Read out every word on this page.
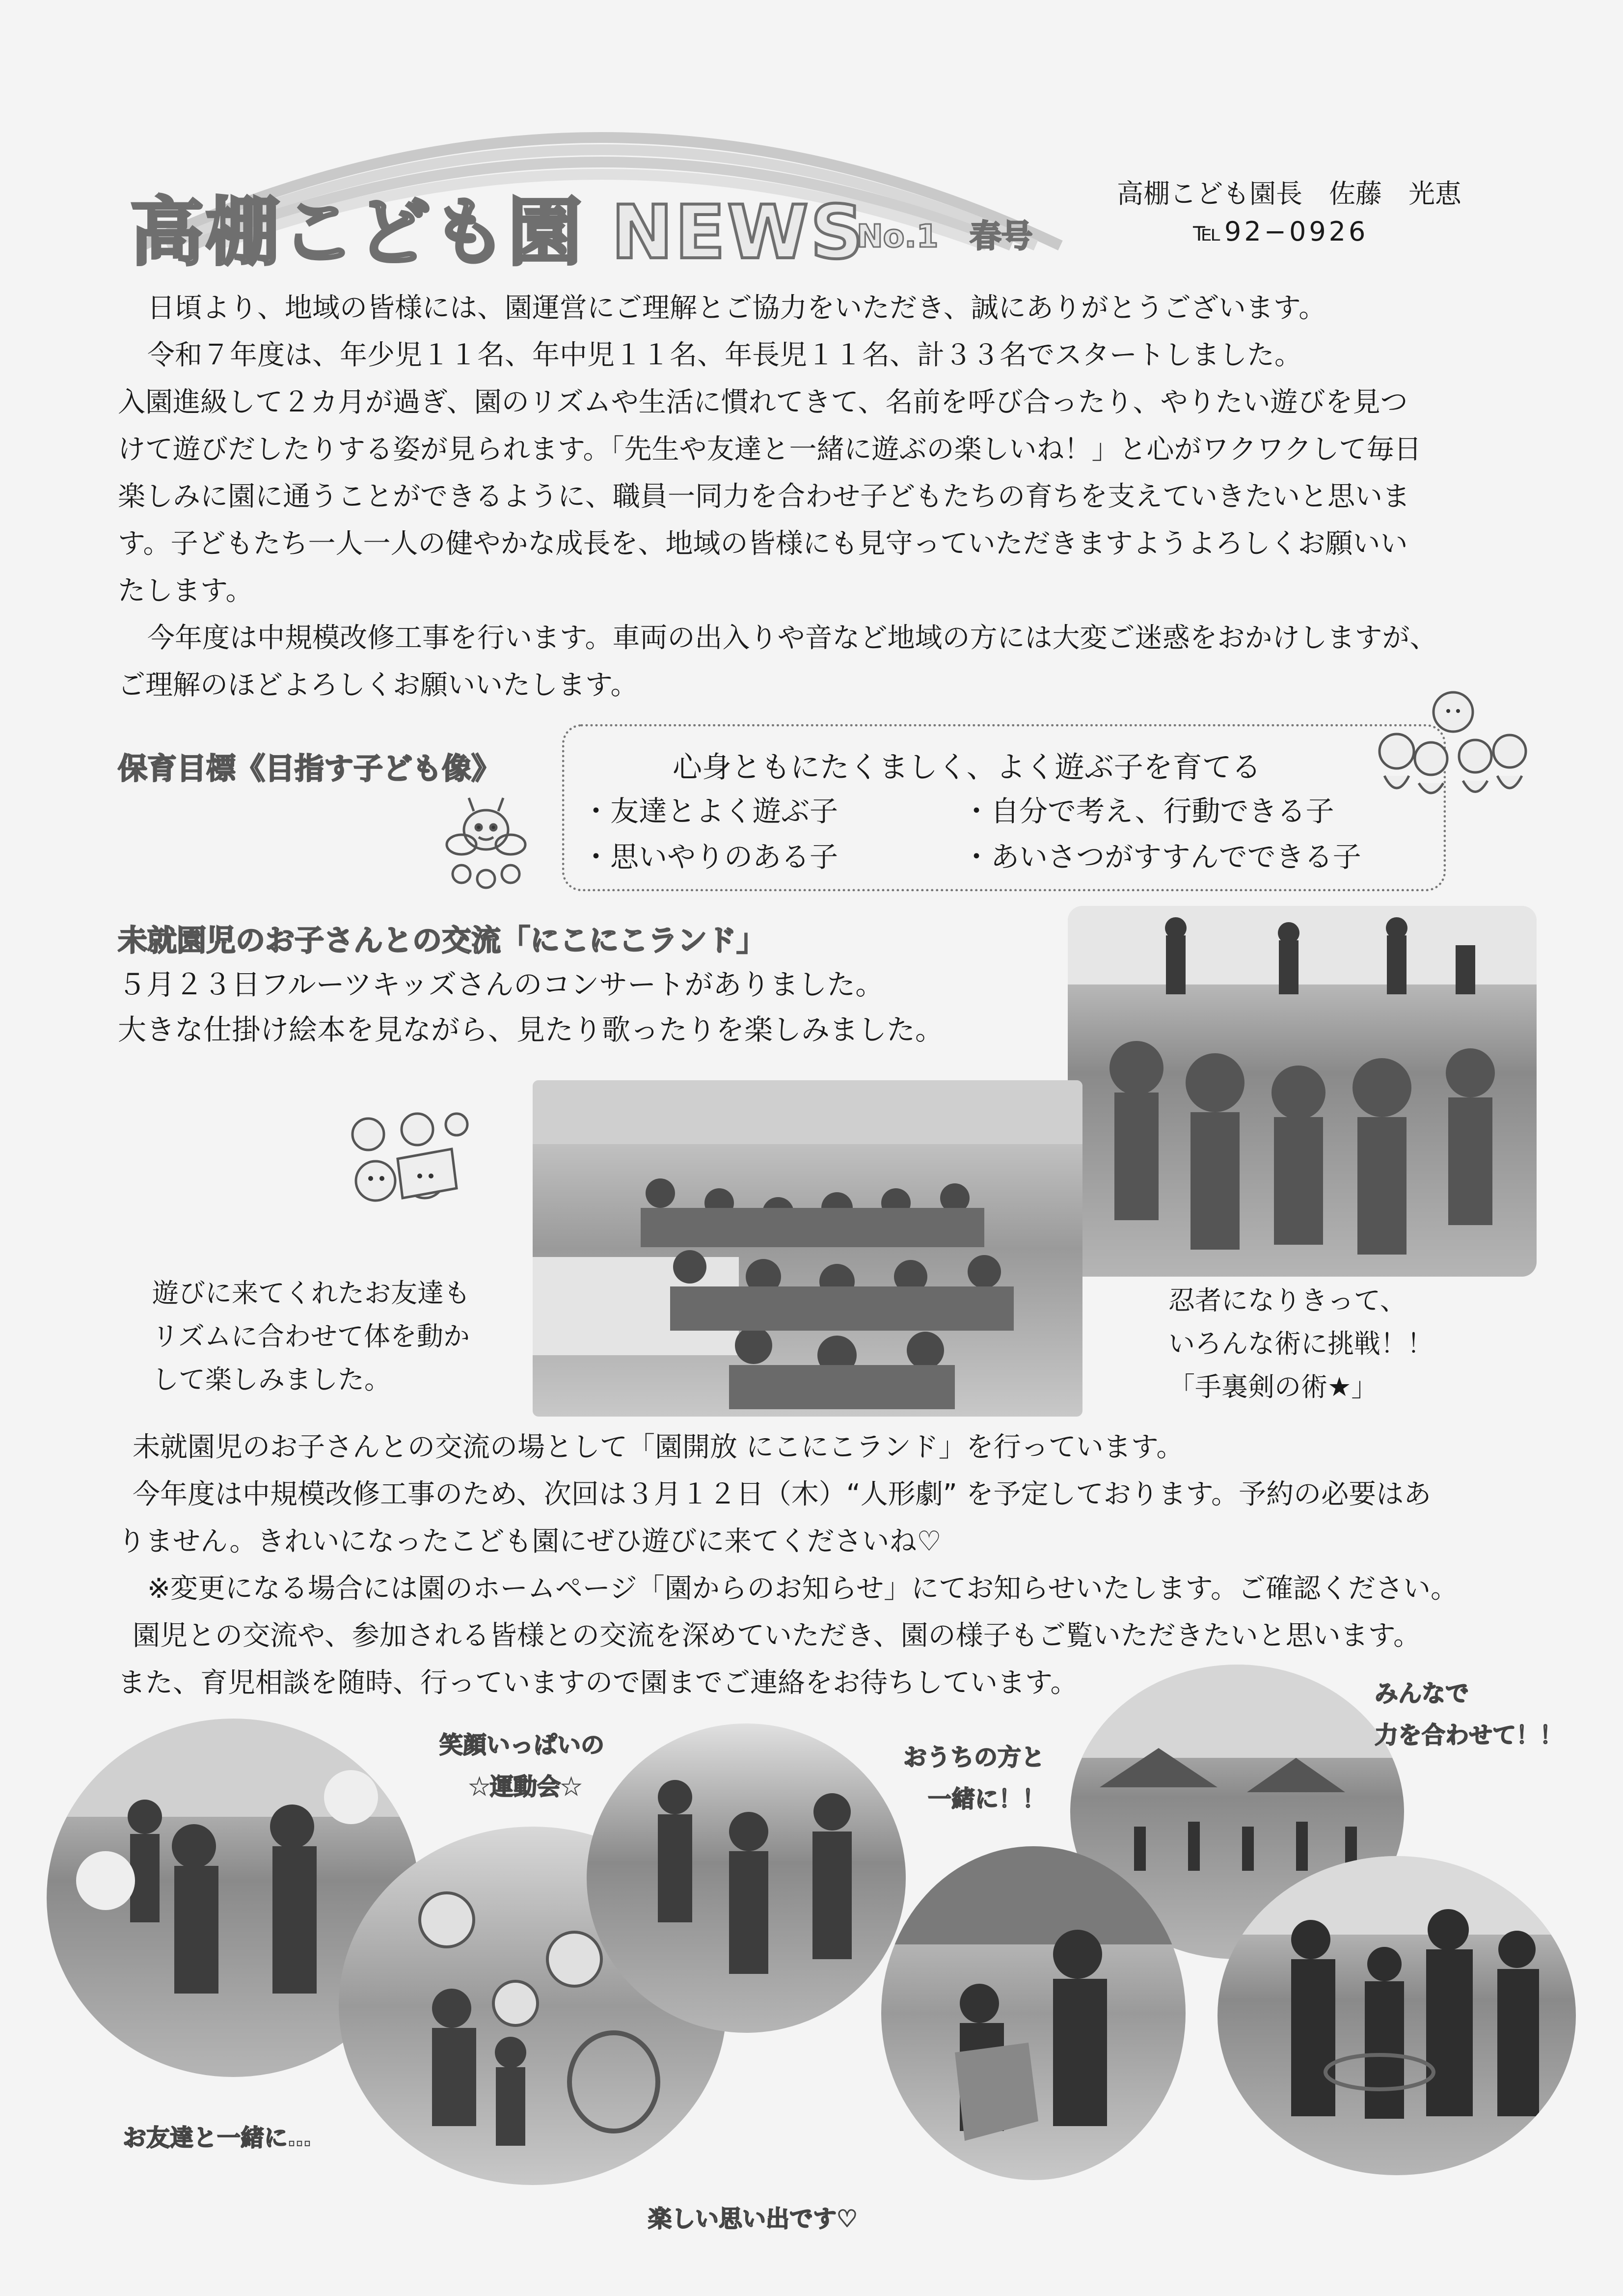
高棚こども園 NEWS
No.1　春号
高棚こども園長　佐藤　光恵
℡92−0926
日頃より、地域の皆様には、園運営にご理解とご協力をいただき、誠にありがとうございます。
令和７年度は、年少児１１名、年中児１１名、年長児１１名、計３３名でスタートしました。
入園進級して２カ月が過ぎ、園のリズムや生活に慣れてきて、名前を呼び合ったり、やりたい遊びを見つ
けて遊びだしたりする姿が見られます。「先生や友達と一緒に遊ぶの楽しいね！」と心がワクワクして毎日
楽しみに園に通うことができるように、職員一同力を合わせ子どもたちの育ちを支えていきたいと思いま
す。子どもたち一人一人の健やかな成長を、地域の皆様にも見守っていただきますようよろしくお願いい
たします。
今年度は中規模改修工事を行います。車両の出入りや音など地域の方には大変ご迷惑をおかけしますが、
ご理解のほどよろしくお願いいたします。
保育目標《目指す子ども像》	心身ともにたくましく、よく遊ぶ子を育てる
・友達とよく遊ぶ子	・自分で考え、行動できる子
・思いやりのある子	・あいさつがすすんでできる子
未就園児のお子さんとの交流「にこにこランド」
５月２３日フルーツキッズさんのコンサートがありました。
大きな仕掛け絵本を見ながら、見たり歌ったりを楽しみました。
遊びに来てくれたお友達も
リズムに合わせて体を動か
して楽しみました。
忍者になりきって、
いろんな術に挑戦！！
「手裏剣の術★」
未就園児のお子さんとの交流の場として「園開放 にこにこランド」を行っています。
今年度は中規模改修工事のため、次回は３月１２日（木）“人形劇” を予定しております。予約の必要はあ
りません。きれいになったこども園にぜひ遊びに来てくださいね♡
※変更になる場合には園のホームページ「園からのお知らせ」にてお知らせいたします。ご確認ください。
園児との交流や、参加される皆様との交流を深めていただき、園の様子もご覧いただきたいと思います。
また、育児相談を随時、行っていますので園までご連絡をお待ちしています。
笑顔いっぱいの
★運動会★
おうちの方と
一緒に！！
みんなで
力を合わせて！！
お友達と一緒に…
楽しい思い出です♡
